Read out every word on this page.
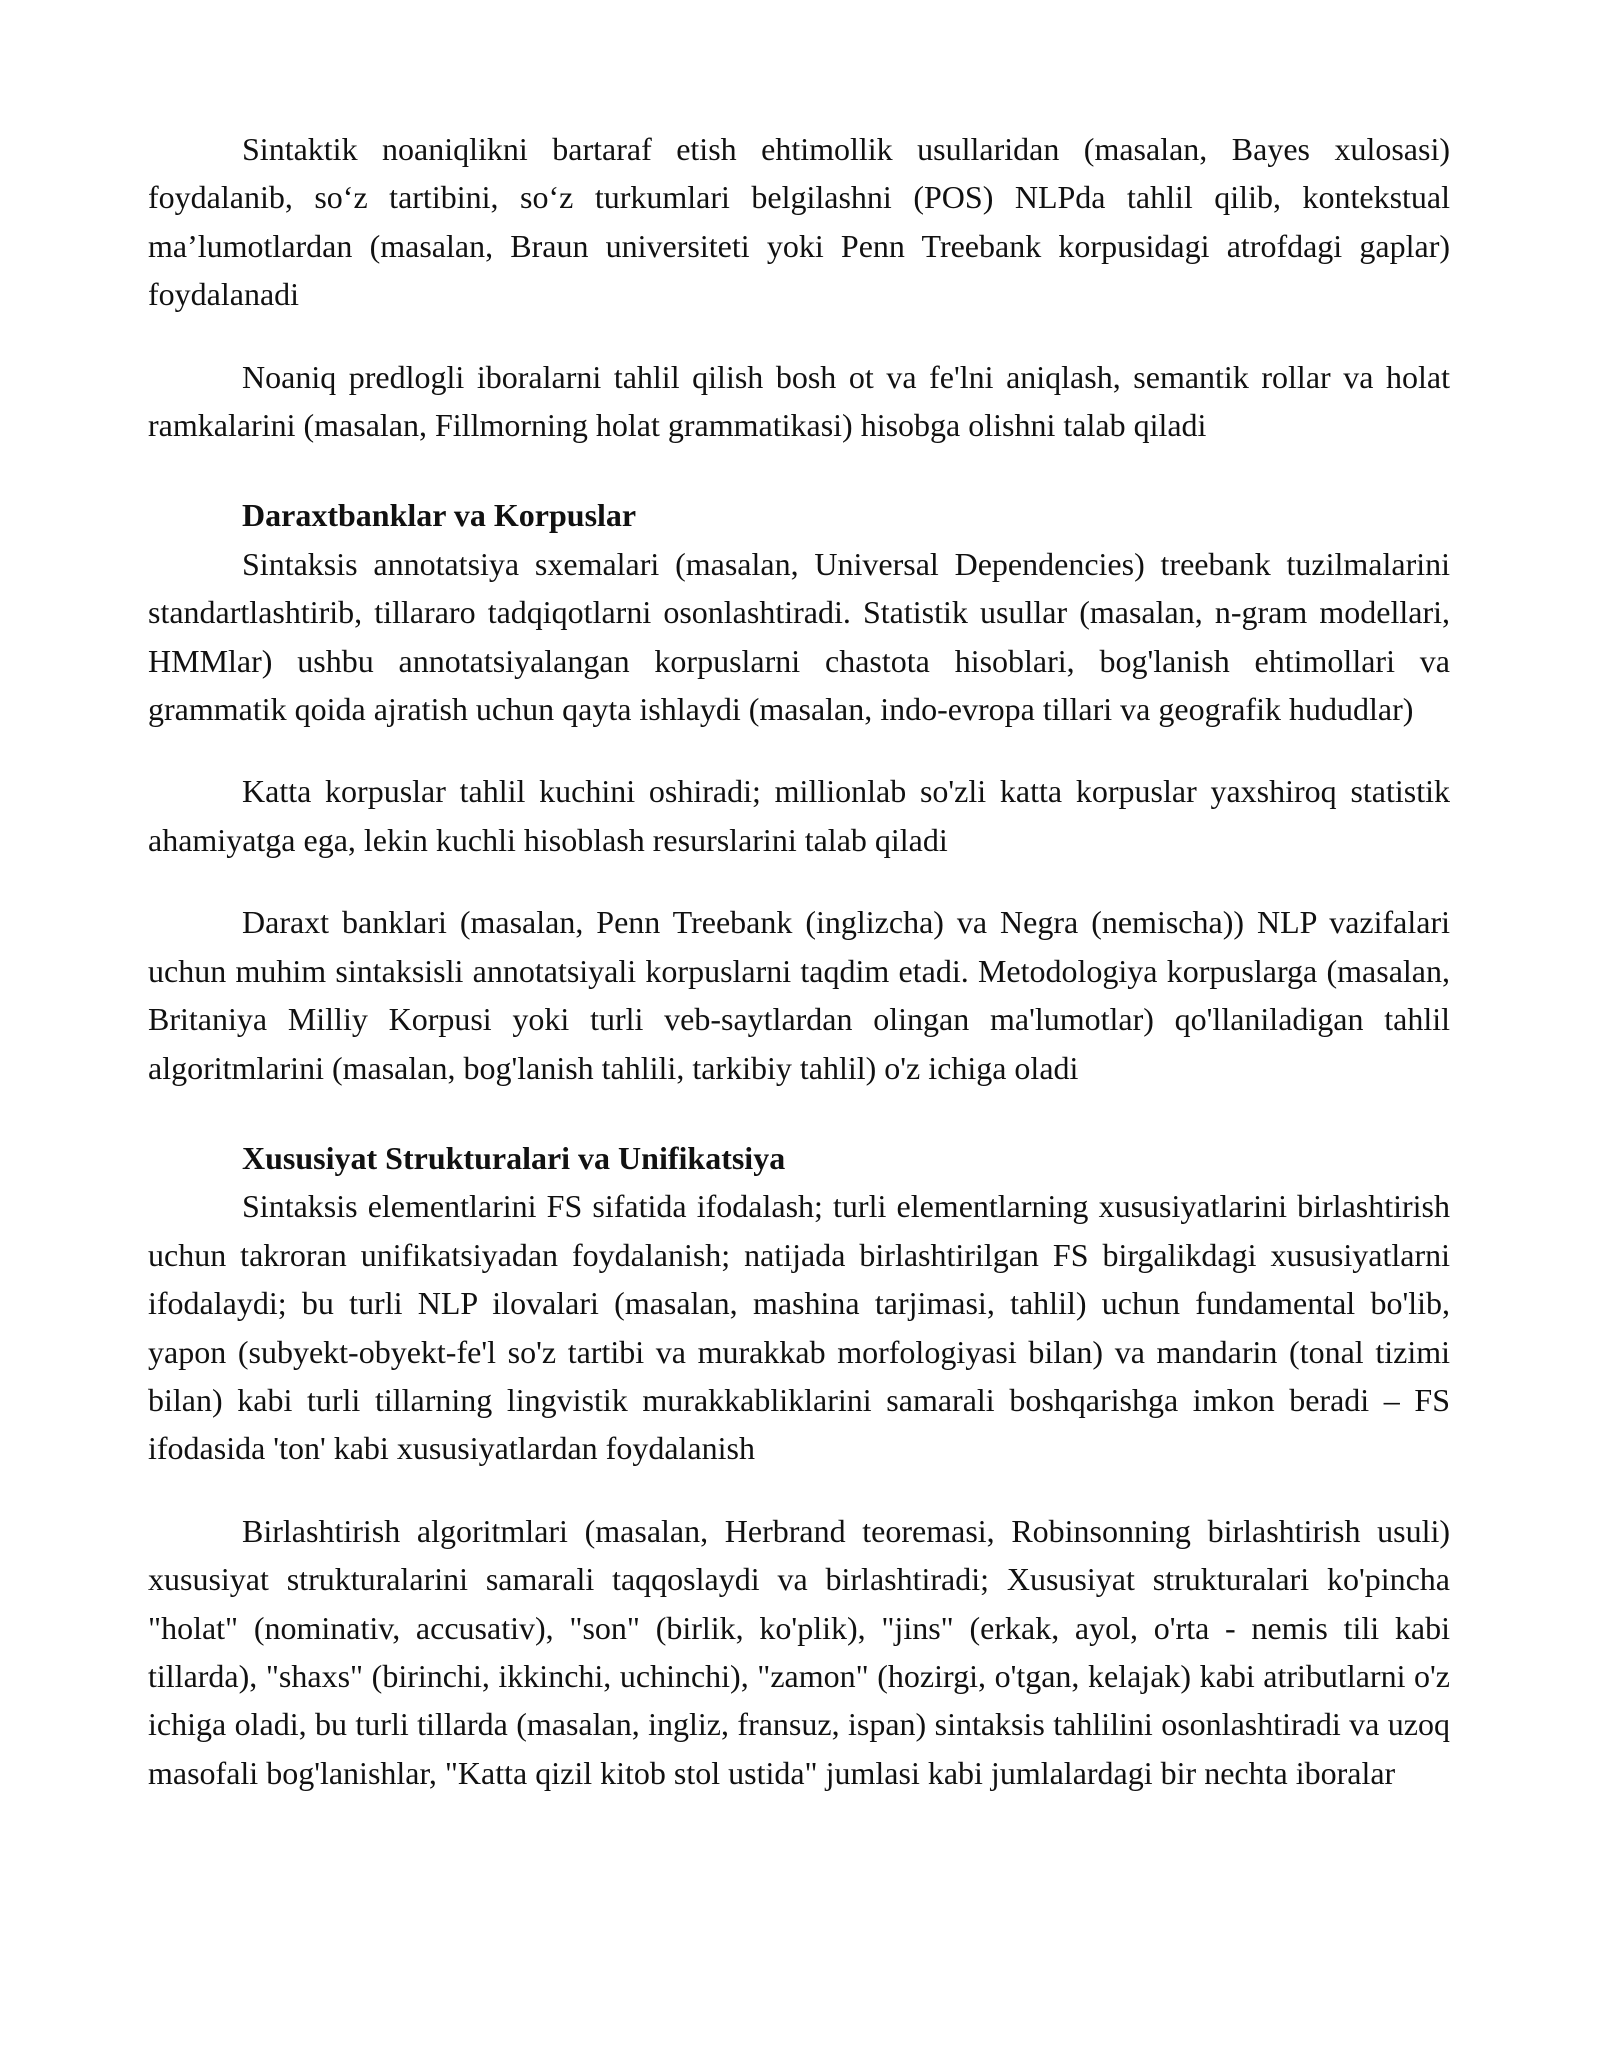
Sintaktik noaniqlikni bartaraf etish ehtimollik usullaridan (masalan, Bayes xulosasi) foydalanib, so‘z tartibini, so‘z turkumlari belgilashni (POS) NLPda tahlil qilib, kontekstual ma’lumotlardan (masalan, Braun universiteti yoki Penn Treebank korpusidagi atrofdagi gaplar) foydalanadi

Noaniq predlogli iboralarni tahlil qilish bosh ot va fe'lni aniqlash, semantik rollar va holat ramkalarini (masalan, Fillmorning holat grammatikasi) hisobga olishni talab qiladi

Daraxtbanklar va Korpuslar

Sintaksis annotatsiya sxemalari (masalan, Universal Dependencies) treebank tuzilmalarini standartlashtirib, tillararo tadqiqotlarni osonlashtiradi. Statistik usullar (masalan, n-gram modellari, HMMlar) ushbu annotatsiyalangan korpuslarni chastota hisoblari, bog'lanish ehtimollari va grammatik qoida ajratish uchun qayta ishlaydi (masalan, indo-evropa tillari va geografik hududlar)

Katta korpuslar tahlil kuchini oshiradi; millionlab so'zli katta korpuslar yaxshiroq statistik ahamiyatga ega, lekin kuchli hisoblash resurslarini talab qiladi

Daraxt banklari (masalan, Penn Treebank (inglizcha) va Negra (nemischa)) NLP vazifalari uchun muhim sintaksisli annotatsiyali korpuslarni taqdim etadi. Metodologiya korpuslarga (masalan, Britaniya Milliy Korpusi yoki turli veb-saytlardan olingan ma'lumotlar) qo'llaniladigan tahlil algoritmlarini (masalan, bog'lanish tahlili, tarkibiy tahlil) o'z ichiga oladi

Xususiyat Strukturalari va Unifikatsiya

Sintaksis elementlarini FS sifatida ifodalash; turli elementlarning xususiyatlarini birlashtirish uchun takroran unifikatsiyadan foydalanish; natijada birlashtirilgan FS birgalikdagi xususiyatlarni ifodalaydi; bu turli NLP ilovalari (masalan, mashina tarjimasi, tahlil) uchun fundamental bo'lib, yapon (subyekt-obyekt-fe'l so'z tartibi va murakkab morfologiyasi bilan) va mandarin (tonal tizimi bilan) kabi turli tillarning lingvistik murakkabliklarini samarali boshqarishga imkon beradi – FS ifodasida 'ton' kabi xususiyatlardan foydalanish

Birlashtirish algoritmlari (masalan, Herbrand teoremasi, Robinsonning birlashtirish usuli) xususiyat strukturalarini samarali taqqoslaydi va birlashtiradi; Xususiyat strukturalari ko'pincha "holat" (nominativ, accusativ), "son" (birlik, ko'plik), "jins" (erkak, ayol, o'rta - nemis tili kabi tillarda), "shaxs" (birinchi, ikkinchi, uchinchi), "zamon" (hozirgi, o'tgan, kelajak) kabi atributlarni o'z ichiga oladi, bu turli tillarda (masalan, ingliz, fransuz, ispan) sintaksis tahlilini osonlashtiradi va uzoq masofali bog'lanishlar, "Katta qizil kitob stol ustida" jumlasi kabi jumlalardagi bir nechta iboralar
